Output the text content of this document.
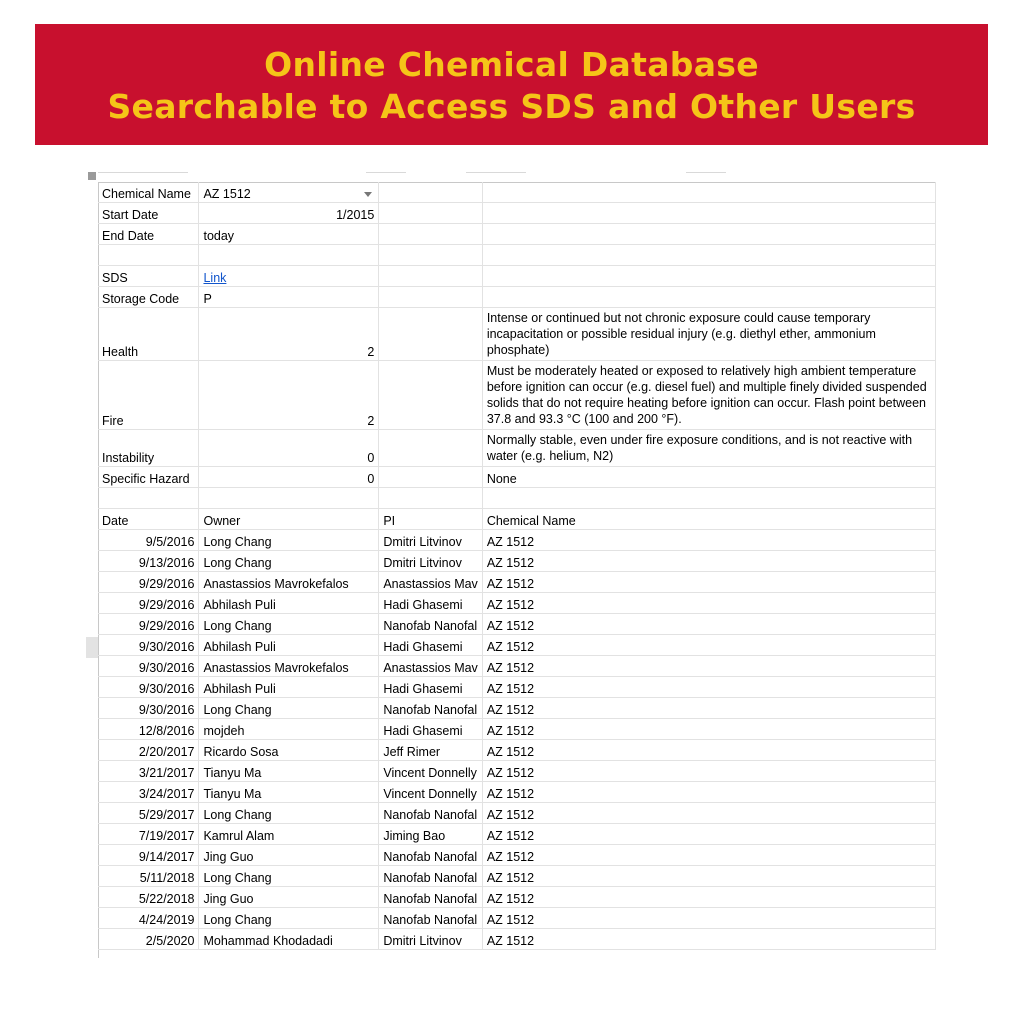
Online Chemical Database
Searchable to Access SDS and Other Users
Chemical Name	AZ 1512		
Start Date	1/2015		
End Date	today		

SDS	Link		
Storage Code	P		
Health	2		Intense or continued but not chronic exposure could cause temporary incapacitation or possible residual injury (e.g. diethyl ether, ammonium phosphate)
Fire	2		Must be moderately heated or exposed to relatively high ambient temperature before ignition can occur (e.g. diesel fuel) and multiple finely divided suspended solids that do not require heating before ignition can occur. Flash point between 37.8 and 93.3 °C (100 and 200 °F).
Instability	0		Normally stable, even under fire exposure conditions, and is not reactive with water (e.g. helium, N2)
Specific Hazard	0		None

Date	Owner	PI	Chemical Name
9/5/2016	Long Chang	Dmitri Litvinov	AZ 1512
9/13/2016	Long Chang	Dmitri Litvinov	AZ 1512
9/29/2016	Anastassios Mavrokefalos	Anastassios Mav	AZ 1512
9/29/2016	Abhilash Puli	Hadi Ghasemi	AZ 1512
9/29/2016	Long Chang	Nanofab Nanofal	AZ 1512
9/30/2016	Abhilash Puli	Hadi Ghasemi	AZ 1512
9/30/2016	Anastassios Mavrokefalos	Anastassios Mav	AZ 1512
9/30/2016	Abhilash Puli	Hadi Ghasemi	AZ 1512
9/30/2016	Long Chang	Nanofab Nanofal	AZ 1512
12/8/2016	mojdeh	Hadi Ghasemi	AZ 1512
2/20/2017	Ricardo Sosa	Jeff Rimer	AZ 1512
3/21/2017	Tianyu Ma	Vincent Donnelly	AZ 1512
3/24/2017	Tianyu Ma	Vincent Donnelly	AZ 1512
5/29/2017	Long Chang	Nanofab Nanofal	AZ 1512
7/19/2017	Kamrul Alam	Jiming Bao	AZ 1512
9/14/2017	Jing Guo	Nanofab Nanofal	AZ 1512
5/11/2018	Long Chang	Nanofab Nanofal	AZ 1512
5/22/2018	Jing Guo	Nanofab Nanofal	AZ 1512
4/24/2019	Long Chang	Nanofab Nanofal	AZ 1512
2/5/2020	Mohammad Khodadadi	Dmitri Litvinov	AZ 1512
